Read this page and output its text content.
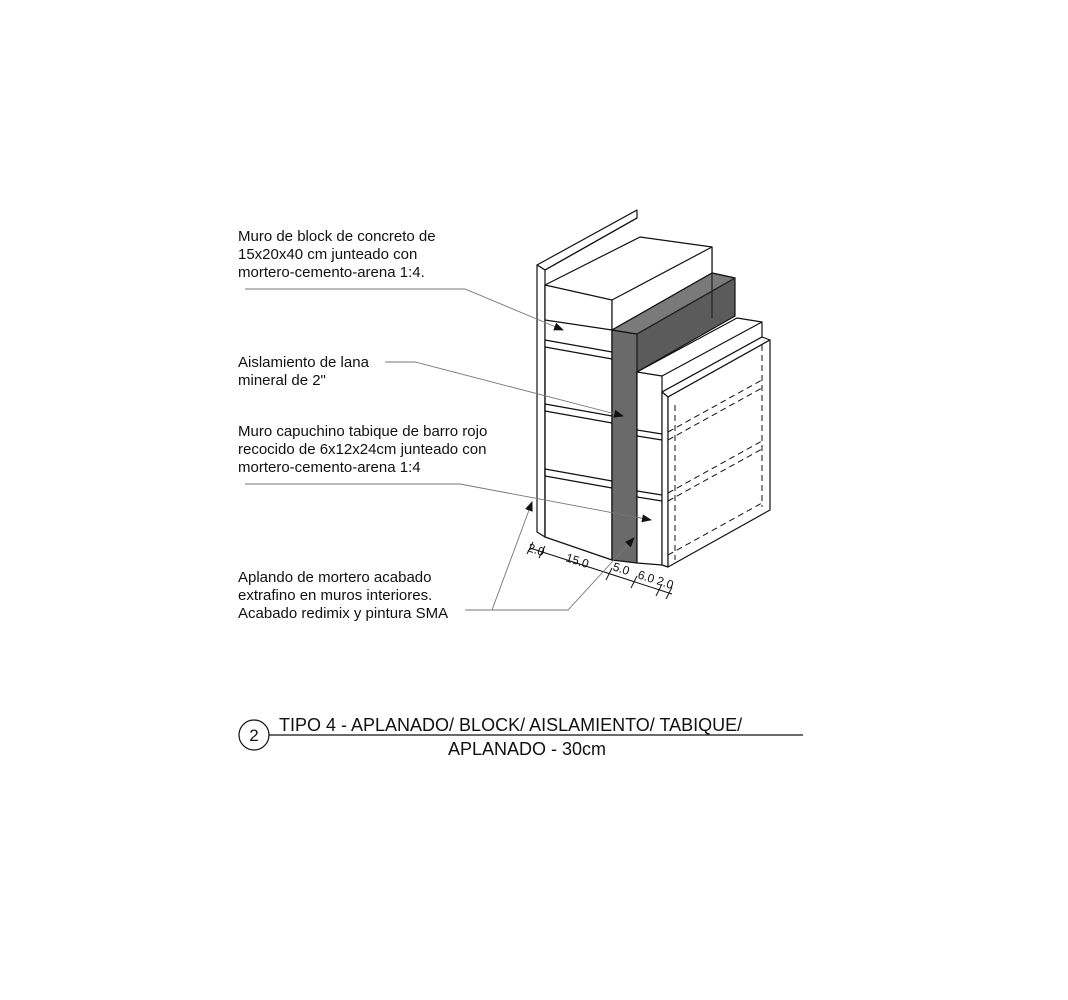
2.0
15.0 5.0 6.0
2.0
Muro de block de concreto de
15x20x40 cm junteado con
mortero-cemento-arena 1:4.
Aislamiento de lana
mineral de 2"
Muro capuchino tabique de barro rojo
recocido de 6x12x24cm junteado con
mortero-cemento-arena 1:4
Aplando de mortero acabado
extrafino en muros interiores.
Acabado redimix y pintura SMA
2
TIPO 4 - APLANADO/ BLOCK/ AISLAMIENTO/ TABIQUE/
APLANADO - 30cm
